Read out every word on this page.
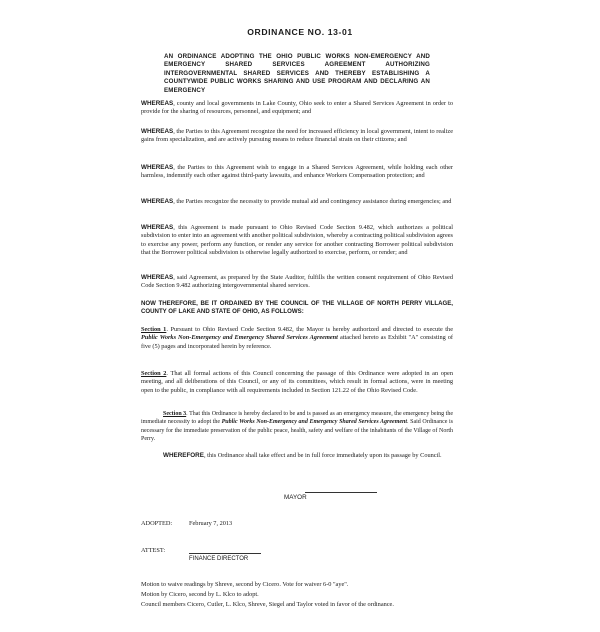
ORDINANCE NO. 13-01
AN ORDINANCE ADOPTING THE OHIO PUBLIC WORKS NON-EMERGENCY AND EMERGENCY SHARED SERVICES AGREEMENT AUTHORIZING INTERGOVERNMENTAL SHARED SERVICES AND THEREBY ESTABLISHING A COUNTYWIDE PUBLIC WORKS SHARING AND USE PROGRAM AND DECLARING AN EMERGENCY
WHEREAS, county and local governments in Lake County, Ohio seek to enter a Shared Services Agreement in order to provide for the sharing of resources, personnel, and equipment; and
WHEREAS, the Parties to this Agreement recognize the need for increased efficiency in local government, intent to realize gains from specialization, and are actively pursuing means to reduce financial strain on their citizens; and
WHEREAS, the Parties to this Agreement wish to engage in a Shared Services Agreement, while holding each other harmless, indemnify each other against third-party lawsuits, and enhance Workers Compensation protection; and
WHEREAS, the Parties recognize the necessity to provide mutual aid and contingency assistance during emergencies; and
WHEREAS, this Agreement is made pursuant to Ohio Revised Code Section 9.482, which authorizes a political subdivision to enter into an agreement with another political subdivision, whereby a contracting political subdivision agrees to exercise any power, perform any function, or render any service for another contracting Borrower political subdivision that the Borrower political subdivision is otherwise legally authorized to exercise, perform, or render; and
WHEREAS, said Agreement, as prepared by the State Auditor, fulfills the written consent requirement of Ohio Revised Code Section 9.482 authorizing intergovernmental shared services.
NOW THEREFORE, BE IT ORDAINED BY THE COUNCIL OF THE VILLAGE OF NORTH PERRY VILLAGE, COUNTY OF LAKE AND STATE OF OHIO, AS FOLLOWS:
Section 1. Pursuant to Ohio Revised Code Section 9.482, the Mayor is hereby authorized and directed to execute the Public Works Non-Emergency and Emergency Shared Services Agreement attached hereto as Exhibit "A" consisting of five (5) pages and incorporated herein by reference.
Section 2. That all formal actions of this Council concerning the passage of this Ordinance were adopted in an open meeting, and all deliberations of this Council, or any of its committees, which result in formal actions, were in meeting open to the public, in compliance with all requirements included in Section 121.22 of the Ohio Revised Code.
Section 3. That this Ordinance is hereby declared to be and is passed as an emergency measure, the emergency being the immediate necessity to adopt the Public Works Non-Emergency and Emergency Shared Services Agreement. Said Ordinance is necessary for the immediate preservation of the public peace, health, safety and welfare of the inhabitants of the Village of North Perry.
WHEREFORE, this Ordinance shall take effect and be in full force immediately upon its passage by Council.
MAYOR
ADOPTED:	February 7, 2013
ATTEST:
FINANCE DIRECTOR
Motion to waive readings by Shreve, second by Cicero. Vote for waiver 6-0 "aye".
Motion by Cicero, second by L. Klco to adopt.
Council members Cicero, Cutler, L. Klco, Shreve, Siegel and Taylor voted in favor of the ordinance.
